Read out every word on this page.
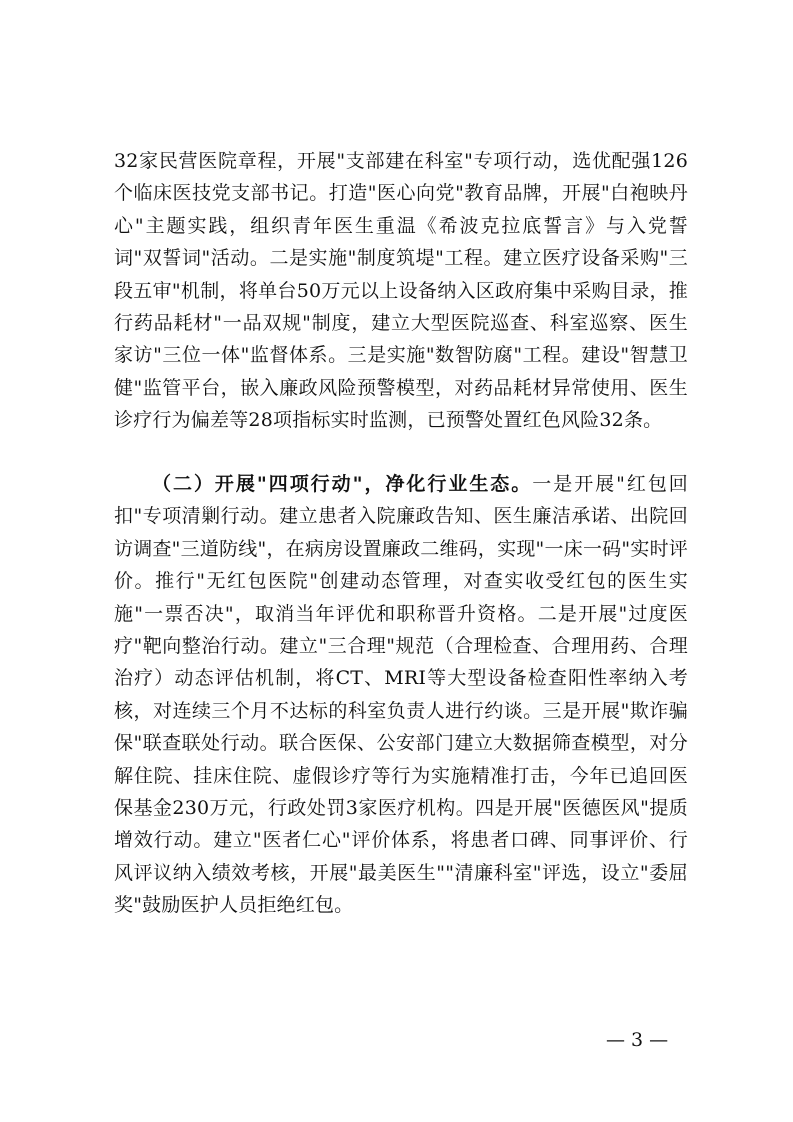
32家民营医院章程，开展"支部建在科室"专项行动，选优配强126个临床医技党支部书记。打造"医心向党"教育品牌，开展"白袍映丹心"主题实践，组织青年医生重温《希波克拉底誓言》与入党誓词"双誓词"活动。二是实施"制度筑堤"工程。建立医疗设备采购"三段五审"机制，将单台50万元以上设备纳入区政府集中采购目录，推行药品耗材"一品双规"制度，建立大型医院巡查、科室巡察、医生家访"三位一体"监督体系。三是实施"数智防腐"工程。建设"智慧卫健"监管平台，嵌入廉政风险预警模型，对药品耗材异常使用、医生诊疗行为偏差等28项指标实时监测，已预警处置红色风险32条。

（二）开展"四项行动"，净化行业生态。一是开展"红包回扣"专项清剿行动。建立患者入院廉政告知、医生廉洁承诺、出院回访调查"三道防线"，在病房设置廉政二维码，实现"一床一码"实时评价。推行"无红包医院"创建动态管理，对查实收受红包的医生实施"一票否决"，取消当年评优和职称晋升资格。二是开展"过度医疗"靶向整治行动。建立"三合理"规范（合理检查、合理用药、合理治疗）动态评估机制，将CT、MRI等大型设备检查阳性率纳入考核，对连续三个月不达标的科室负责人进行约谈。三是开展"欺诈骗保"联查联处行动。联合医保、公安部门建立大数据筛查模型，对分解住院、挂床住院、虚假诊疗等行为实施精准打击，今年已追回医保基金230万元，行政处罚3家医疗机构。四是开展"医德医风"提质增效行动。建立"医者仁心"评价体系，将患者口碑、同事评价、行风评议纳入绩效考核，开展"最美医生""清廉科室"评选，设立"委屈奖"鼓励医护人员拒绝红包。

— 3 —
